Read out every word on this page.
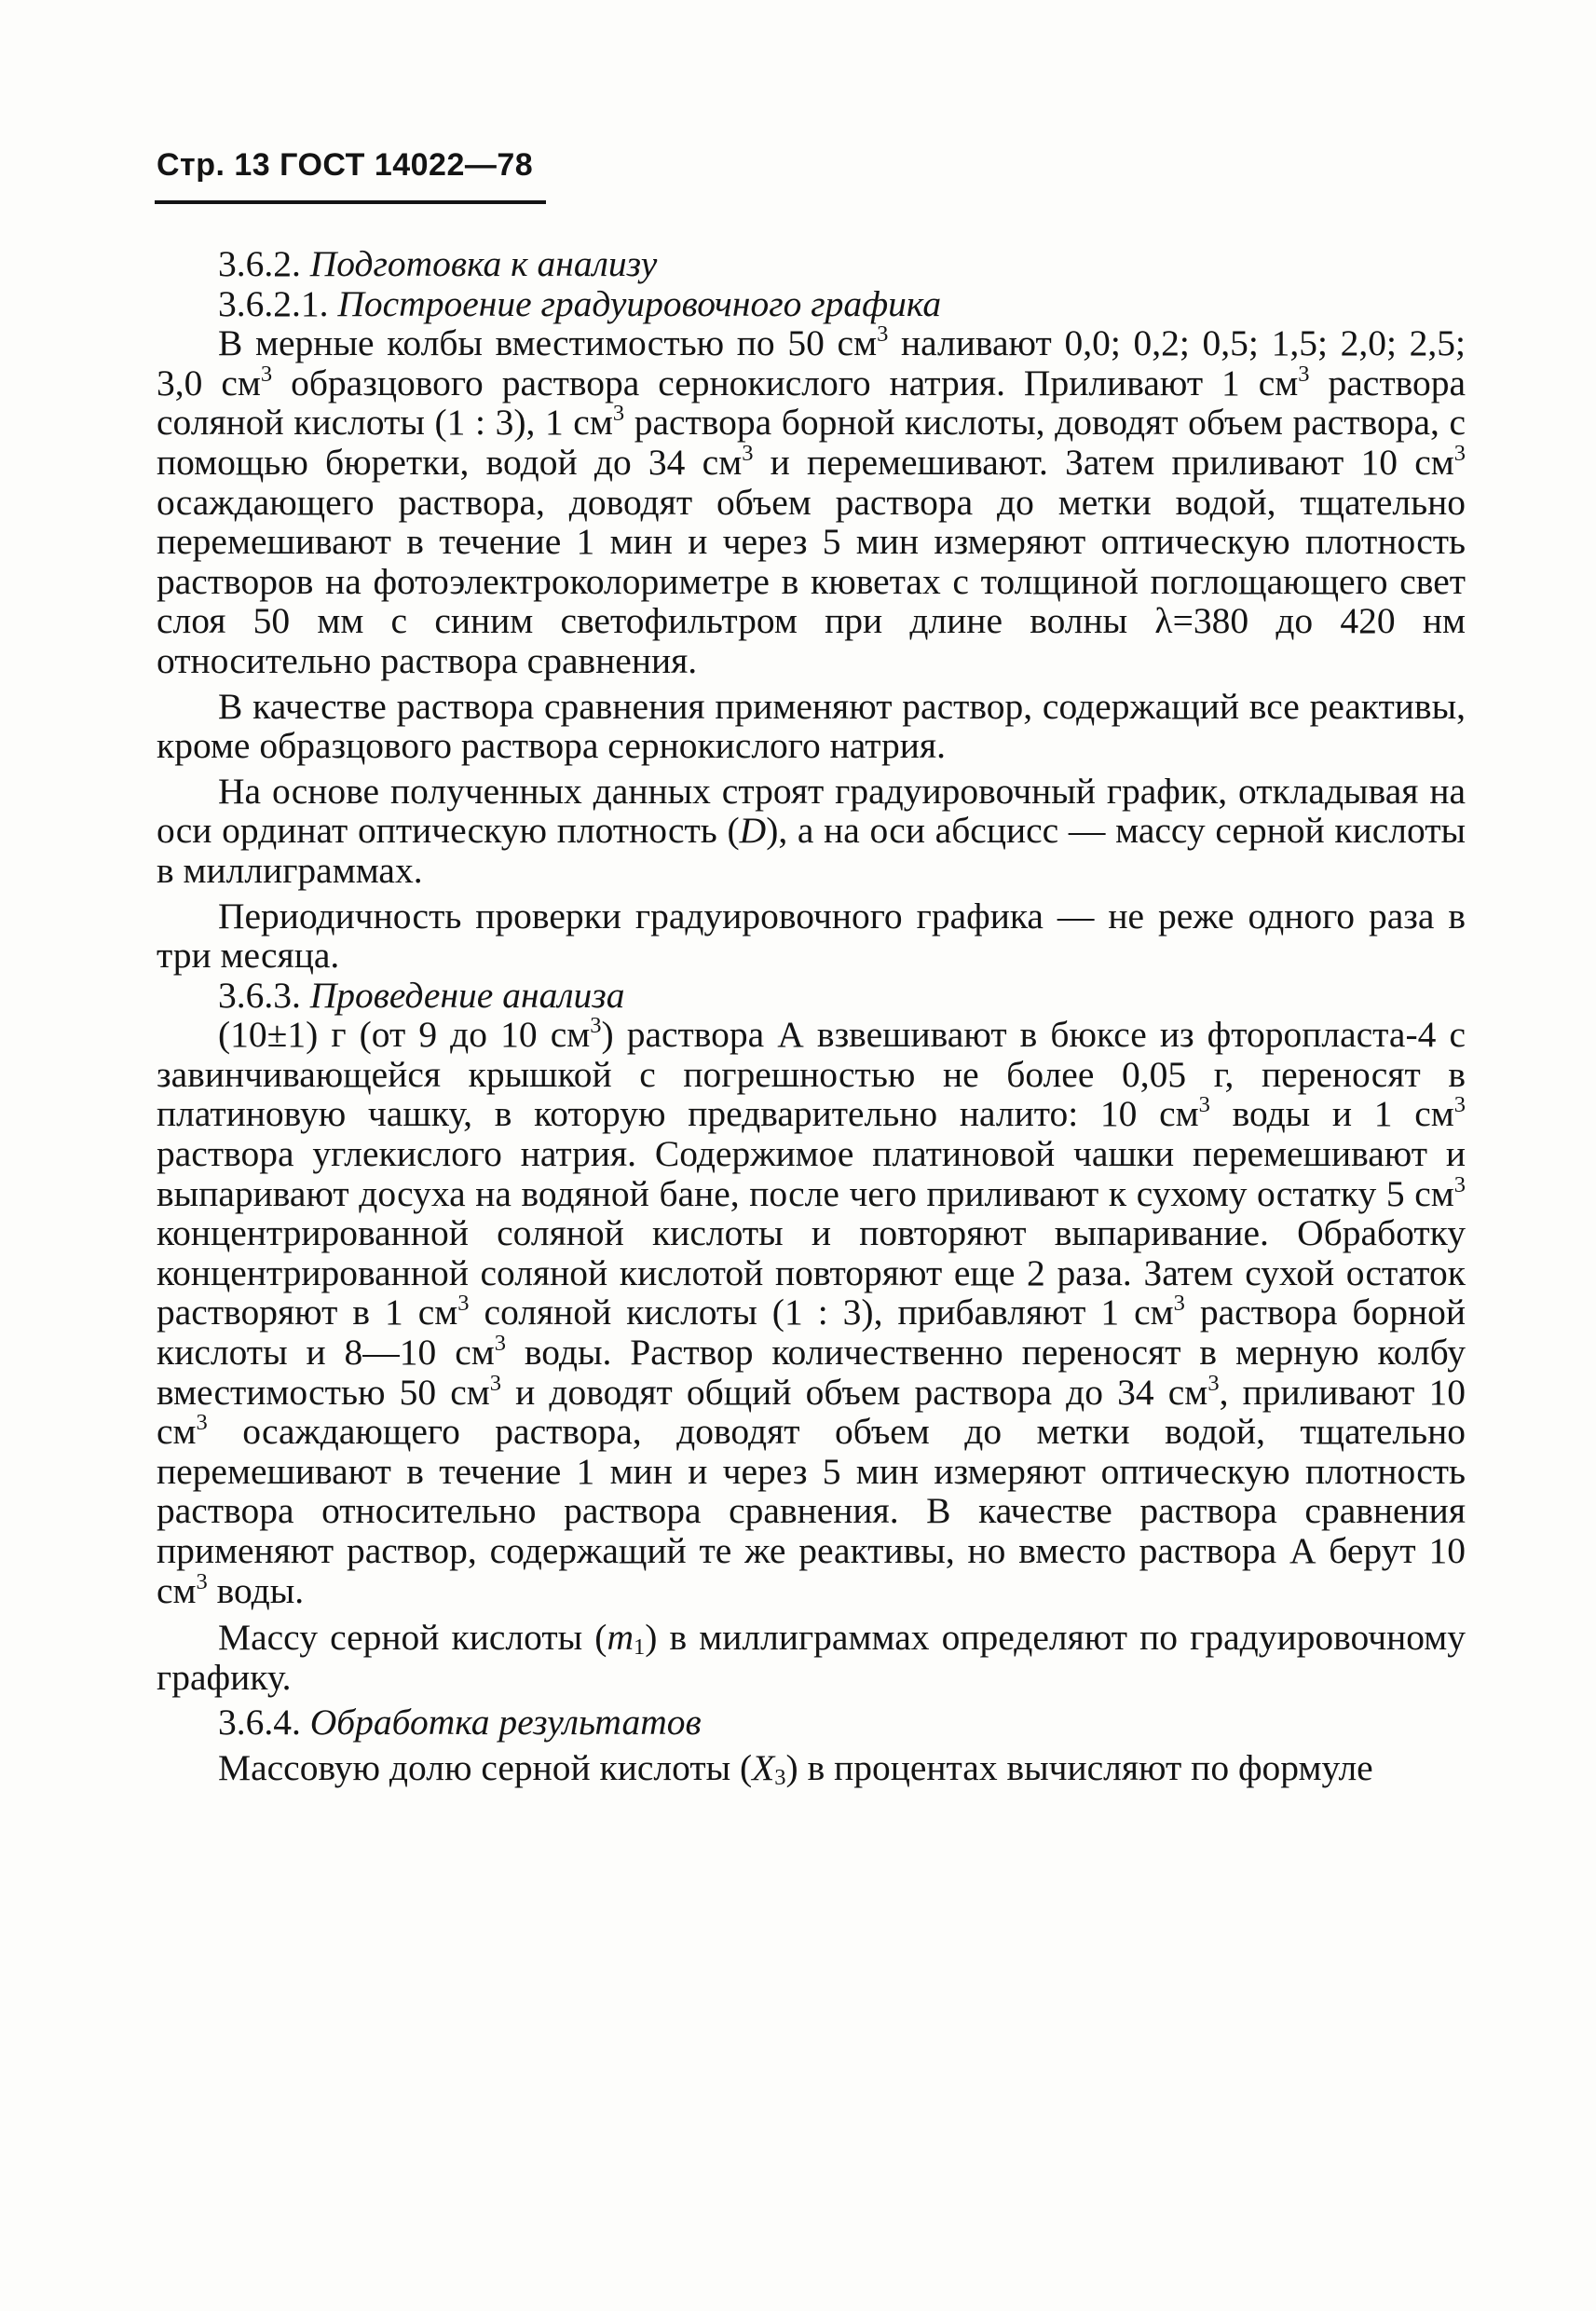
Стр. 13 ГОСТ 14022—78

3.6.2. Подготовка к анализу

3.6.2.1. Построение градуировочного графика

В мерные колбы вместимостью по 50 $см^3$ наливают 0,0; 0,2; 0,5; 1,5; 2,0; 2,5; 3,0 $см^3$ образцового раствора сернокислого натрия. Приливают 1 $см^3$ раствора соляной кислоты (1 : 3), 1 $см^3$ раствора борной кислоты, доводят объем раствора, с помощью бюретки, водой до 34 $см^3$ и перемешивают. Затем приливают 10 $см^3$ осаждающего раствора, доводят объем раствора до метки водой, тщательно перемешивают в течение 1 мин и через 5 мин измеряют оптическую плотность растворов на фотоэлектроколориметре в кюветах с толщиной поглощающего свет слоя 50 мм с синим светофильтром при длине волны λ=380 до 420 нм относительно раствора сравнения.

В качестве раствора сравнения применяют раствор, содержащий все реактивы, кроме образцового раствора сернокислого натрия.

На основе полученных данных строят градуировочный график, откладывая на оси ординат оптическую плотность (D), а на оси абсцисс — массу серной кислоты в миллиграммах.

Периодичность проверки градуировочного графика — не реже одного раза в три месяца.

3.6.3. Проведение анализа

(10±1) г (от 9 до 10 $см^3$) раствора А взвешивают в бюксе из фторопласта-4 с завинчивающейся крышкой с погрешностью не более 0,05 г, переносят в платиновую чашку, в которую предварительно налито: 10 $см^3$ воды и 1 $см^3$ раствора углекислого натрия. Содержимое платиновой чашки перемешивают и выпаривают досуха на водяной бане, после чего приливают к сухому остатку 5 $см^3$ концентрированной соляной кислоты и повторяют выпаривание. Обработку концентрированной соляной кислотой повторяют еще 2 раза. Затем сухой остаток растворяют в 1 $см^3$ соляной кислоты (1 : 3), прибавляют 1 $см^3$ раствора борной кислоты и 8—10 $см^3$ воды. Раствор количественно переносят в мерную колбу вместимостью 50 $см^3$ и доводят общий объем раствора до 34 $см^3$, приливают 10 $см^3$ осаждающего раствора, доводят объем до метки водой, тщательно перемешивают в течение 1 мин и через 5 мин измеряют оптическую плотность раствора относительно раствора сравнения. В качестве раствора сравнения применяют раствор, содержащий те же реактивы, но вместо раствора А берут 10 $см^3$ воды.

Массу серной кислоты $(m_1)$ в миллиграммах определяют по градуировочному графику.

3.6.4. Обработка результатов

Массовую долю серной кислоты $(X_3)$ в процентах вычисляют по формуле
